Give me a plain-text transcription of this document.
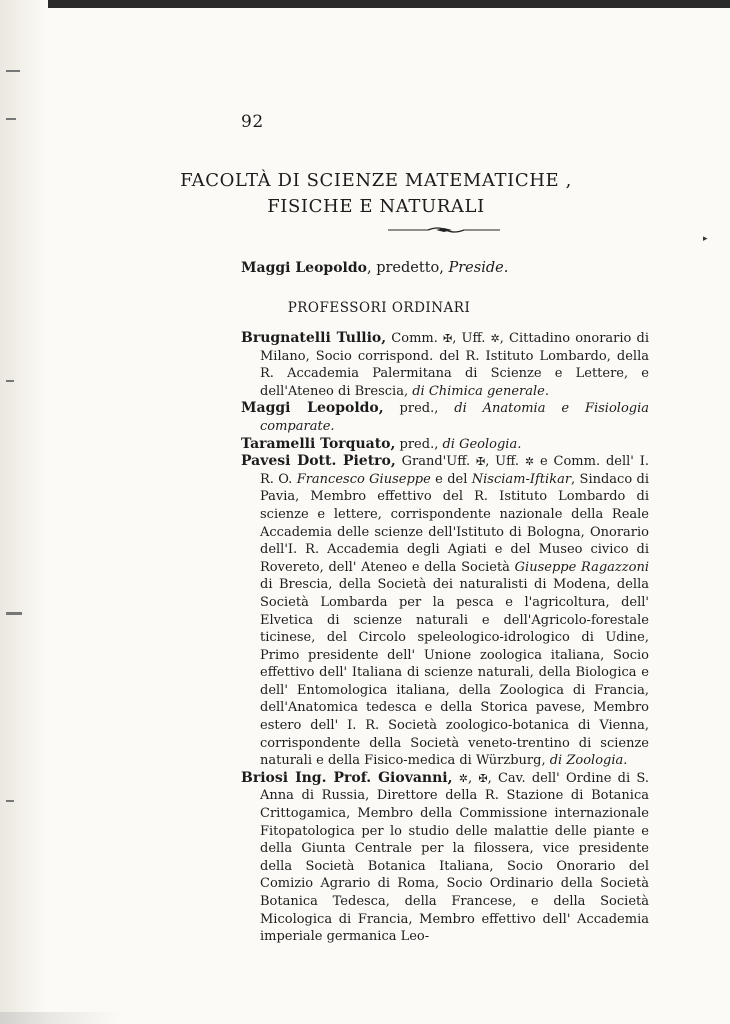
92
FACOLTÀ DI SCIENZE MATEMATICHE ,
FISICHE E NATURALI
Maggi Leopoldo, predetto, Preside.
PROFESSORI ORDINARI

Brugnatelli Tullio, Comm. ✠, Uff. ✲, Cittadino onorario di Milano, Socio corrispond. del R. Istituto Lombardo, della R. Accademia Palermitana di Scienze e Lettere, e dell'Ateneo di Brescia, di Chimica generale.

Maggi Leopoldo, pred., di Anatomia e Fisiologia comparate.

Taramelli Torquato, pred., di Geologia.

Pavesi Dott. Pietro, Grand'Uff. ✠, Uff. ✲ e Comm. dell' I. R. O. Francesco Giuseppe e del Nisciam-Iftikar, Sindaco di Pavia, Membro effettivo del R. Istituto Lombardo di scienze e lettere, corrispondente nazionale della Reale Accademia delle scienze dell'Istituto di Bologna, Onorario dell'I. R. Accademia degli Agiati e del Museo civico di Rovereto, dell' Ateneo e della Società Giuseppe Ragazzoni di Brescia, della Società dei naturalisti di Modena, della Società Lombarda per la pesca e l'agricoltura, dell' Elvetica di scienze naturali e dell'Agricolo-forestale ticinese, del Circolo speleologico-idrologico di Udine, Primo presidente dell' Unione zoologica italiana, Socio effettivo dell' Italiana di scienze naturali, della Biologica e dell' Entomologica italiana, della Zoologica di Francia, dell'Anatomica tedesca e della Storica pavese, Membro estero dell' I. R. Società zoologico-botanica di Vienna, corrispondente della Società veneto-trentino di scienze naturali e della Fisico-medica di Würzburg, di Zoologia.

Briosi Ing. Prof. Giovanni, ✲, ✠, Cav. dell' Ordine di S. Anna di Russia, Direttore della R. Stazione di Botanica Crittogamica, Membro della Commissione internazionale Fitopatologica per lo studio delle malattie delle piante e della Giunta Centrale per la filossera, vice presidente della Società Botanica Italiana, Socio Onorario del Comizio Agrario di Roma, Socio Ordinario della Società Botanica Tedesca, della Francese, e della Società Micologica di Francia, Membro effettivo dell' Accademia imperiale germanica Leo-

▸
